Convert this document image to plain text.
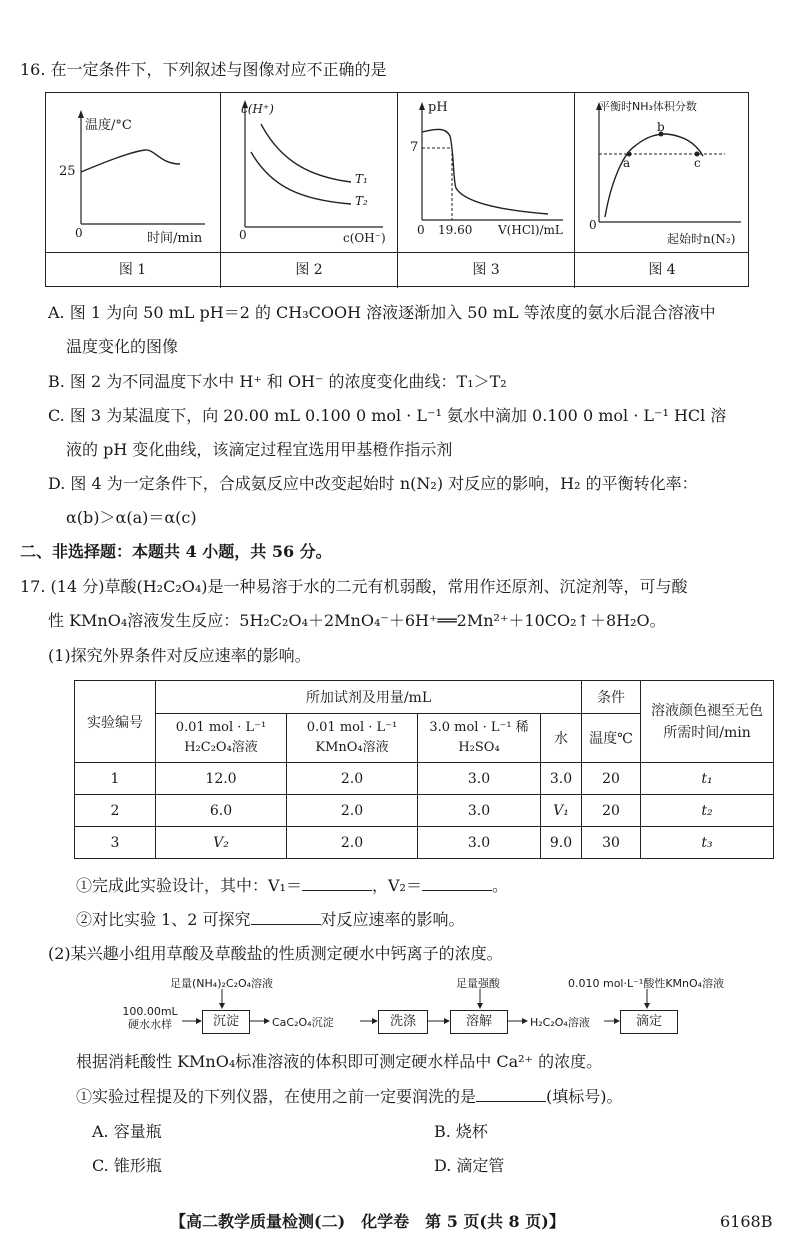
16. 在一定条件下，下列叙述与图像对应不正确的是
温度/°C
25
0	时间/min
图 1
c(H⁺)
T₁
T₂
0	c(OH⁻)
图 2
pH
7
0 19.60 V(HCl)/mL
图 3
平衡时NH₃体积分数
a
b
c
0
起始时n(N₂)
图 4
A. 图 1 为向 50 mL pH＝2 的 CH₃COOH 溶液逐渐加入 50 mL 等浓度的氨水后混合溶液中
温度变化的图像
B. 图 2 为不同温度下水中 H⁺ 和 OH⁻ 的浓度变化曲线：T₁＞T₂
C. 图 3 为某温度下，向 20.00 mL 0.100 0 mol · L⁻¹ 氨水中滴加 0.100 0 mol · L⁻¹ HCl 溶
液的 pH 变化曲线，该滴定过程宜选用甲基橙作指示剂
D. 图 4 为一定条件下，合成氨反应中改变起始时 n(N₂) 对反应的影响，H₂ 的平衡转化率：
α(b)＞α(a)＝α(c)
二、非选择题：本题共 4 小题，共 56 分。
17. (14 分)草酸(H₂C₂O₄)是一种易溶于水的二元有机弱酸，常用作还原剂、沉淀剂等，可与酸
性 KMnO₄溶液发生反应：5H₂C₂O₄＋2MnO₄⁻＋6H⁺══2Mn²⁺＋10CO₂↑＋8H₂O。
(1)探究外界条件对反应速率的影响。
实验编号	所加试剂及用量/mL				条件	溶液颜色褪至无色所需时间/min
	0.01 mol · L⁻¹ H₂C₂O₄溶液	0.01 mol · L⁻¹ KMnO₄溶液	3.0 mol · L⁻¹ 稀 H₂SO₄	水	温度℃	
1	12.0	2.0	3.0	3.0	20	t₁
2	6.0	2.0	3.0	V₁	20	t₂
3	V₂	2.0	3.0	9.0	30	t₃
①完成此实验设计，其中：V₁＝	，V₂＝	。
②对比实验 1、2 可探究	对反应速率的影响。
(2)某兴趣小组用草酸及草酸盐的性质测定硬水中钙离子的浓度。
100.00mL 硬水水样
足量(NH₄)₂C₂O₄溶液
沉淀	CaC₂O₄沉淀	洗涤
足量强酸
溶解	H₂C₂O₄溶液
0.010 mol·L⁻¹酸性KMnO₄溶液
滴定
根据消耗酸性 KMnO₄标准溶液的体积即可测定硬水样品中 Ca²⁺ 的浓度。
①实验过程提及的下列仪器，在使用之前一定要润洗的是	(填标号)。
A. 容量瓶	B. 烧杯
C. 锥形瓶	D. 滴定管
【高二教学质量检测(二)　化学卷　第 5 页(共 8 页)】	6168B
